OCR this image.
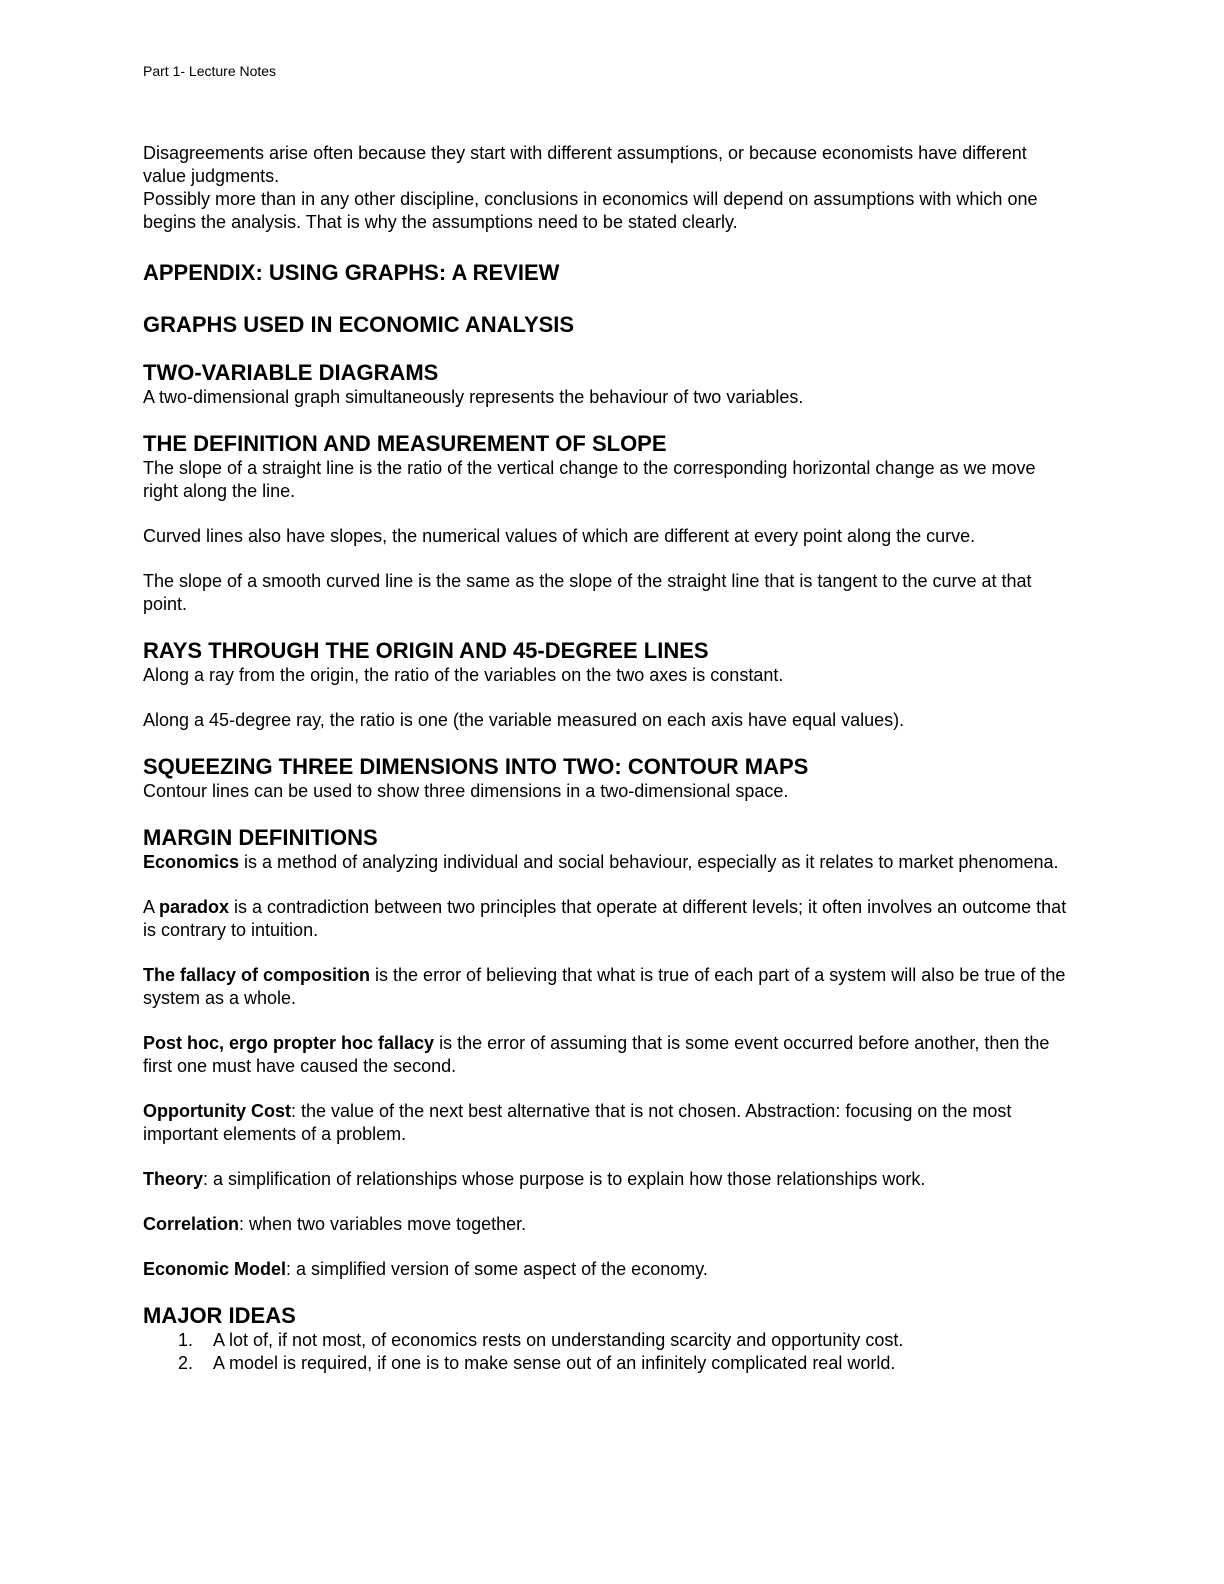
Part 1- Lecture Notes

Disagreements arise often because they start with different assumptions, or because economists have different value judgments.

Possibly more than in any other discipline, conclusions in economics will depend on assumptions with which one begins the analysis. That is why the assumptions need to be stated clearly.

APPENDIX: USING GRAPHS: A REVIEW
GRAPHS USED IN ECONOMIC ANALYSIS
TWO-VARIABLE DIAGRAMS

A two-dimensional graph simultaneously represents the behaviour of two variables.

THE DEFINITION AND MEASUREMENT OF SLOPE

The slope of a straight line is the ratio of the vertical change to the corresponding horizontal change as we move right along the line.

Curved lines also have slopes, the numerical values of which are different at every point along the curve.

The slope of a smooth curved line is the same as the slope of the straight line that is tangent to the curve at that point.

RAYS THROUGH THE ORIGIN AND 45-DEGREE LINES

Along a ray from the origin, the ratio of the variables on the two axes is constant.

Along a 45-degree ray, the ratio is one (the variable measured on each axis have equal values).

SQUEEZING THREE DIMENSIONS INTO TWO: CONTOUR MAPS

Contour lines can be used to show three dimensions in a two-dimensional space.

MARGIN DEFINITIONS

Economics is a method of analyzing individual and social behaviour, especially as it relates to market phenomena.

A paradox is a contradiction between two principles that operate at different levels; it often involves an outcome that is contrary to intuition.

The fallacy of composition is the error of believing that what is true of each part of a system will also be true of the system as a whole.

Post hoc, ergo propter hoc fallacy is the error of assuming that is some event occurred before another, then the first one must have caused the second.

Opportunity Cost: the value of the next best alternative that is not chosen. Abstraction: focusing on the most important elements of a problem.

Theory: a simplification of relationships whose purpose is to explain how those relationships work.

Correlation: when two variables move together.

Economic Model: a simplified version of some aspect of the economy.

MAJOR IDEAS
1. A lot of, if not most, of economics rests on understanding scarcity and opportunity cost.
2. A model is required, if one is to make sense out of an infinitely complicated real world.
